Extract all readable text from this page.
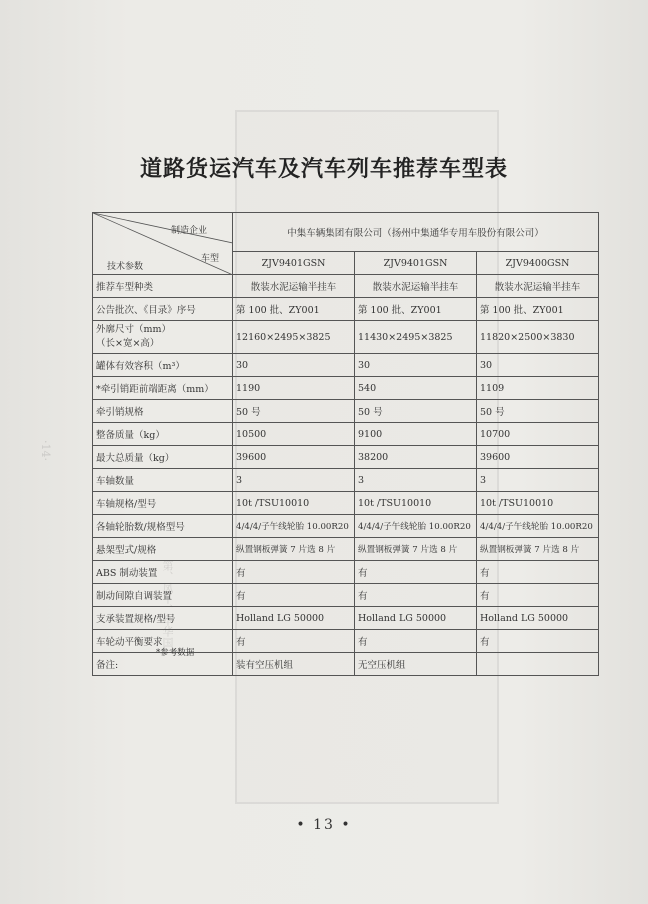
第、凤丫、华华国
·14·
道路货运汽车及汽车列车推荐车型表
制造企业
车型
技术参数	中集车辆集团有限公司（扬州中集通华专用车股份有限公司）		
	ZJV9401GSN	ZJV9401GSN	ZJV9400GSN
推荐车型种类	散装水泥运输半挂车	散装水泥运输半挂车	散装水泥运输半挂车
公告批次、《目录》序号	第 100 批、ZY001	第 100 批、ZY001	第 100 批、ZY001
外廓尺寸（mm）
（长×宽×高）	12160×2495×3825	11430×2495×3825	11820×2500×3830
罐体有效容积（m³）	30	30	30
*牵引销距前端距离（mm）	1190	540	1109
牵引销规格	50 号	50 号	50 号
整备质量（kg）	10500	9100	10700
最大总质量（kg）	39600	38200	39600
车轴数量	3	3	3
车轴规格/型号	10t /TSU10010	10t /TSU10010	10t /TSU10010
各轴轮胎数/规格型号	4/4/4/子午线轮胎 10.00R20	4/4/4/子午线轮胎 10.00R20	4/4/4/子午线轮胎 10.00R20
悬架型式/规格	纵置钢板弹簧 7 片选 8 片	纵置钢板弹簧 7 片选 8 片	纵置钢板弹簧 7 片选 8 片
ABS 制动装置	有	有	有
制动间隙自调装置	有	有	有
支承装置规格/型号	Holland LG 50000	Holland LG 50000	Holland LG 50000
车轮动平衡要求	有	有	有
备注:	装有空压机组	无空压机组	
*参考数据
• 13 •
